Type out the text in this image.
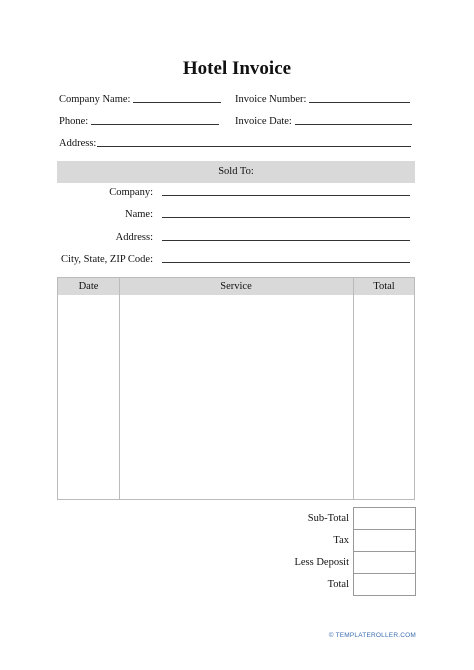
Hotel Invoice
Company Name:	Invoice Number:
Phone:	Invoice Date:
Address:
Sold To:
Company:
Name:
Address:
City, State, ZIP Code:
Date	Service	Total
Sub-Total
Tax
Less Deposit
Total
© TEMPLATEROLLER.COM
